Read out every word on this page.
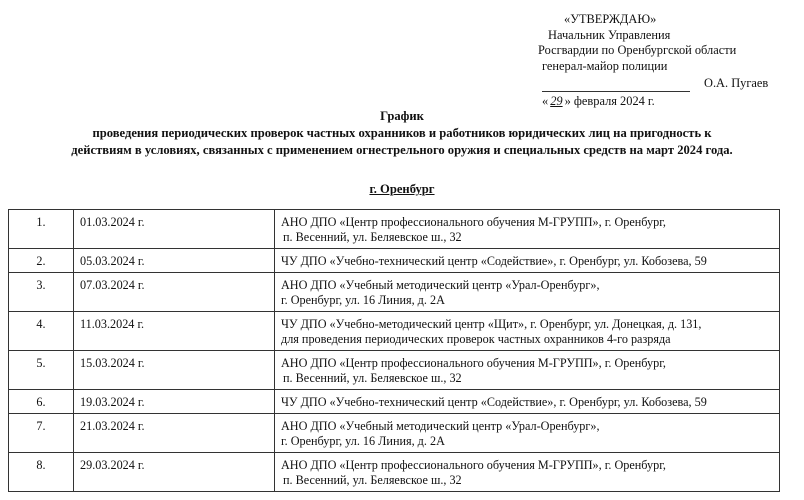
«УТВЕРЖДАЮ»
Начальник Управления
Росгвардии по Оренбургской области
генерал-майор полиции
О.А. Пугаев
« 29 » февраля 2024 г.
График
проведения периодических проверок частных охранников и работников юридических лиц на пригодность к
действиям в условиях, связанных с применением огнестрельного оружия и специальных средств на март 2024 года.
г. Оренбург
1.	01.03.2024 г.	АНО ДПО «Центр профессионального обучения М-ГРУПП», г. Оренбург,
п. Весенний, ул. Беляевское ш., 32

2.	05.03.2024 г.	ЧУ ДПО «Учебно-технический центр «Содействие», г. Оренбург, ул. Кобозева, 59

3.	07.03.2024 г.	АНО ДПО «Учебный методический центр «Урал-Оренбург»,
г. Оренбург, ул. 16 Линия, д. 2А

4.	11.03.2024 г.	ЧУ ДПО «Учебно-методический центр «Щит», г. Оренбург, ул. Донецкая, д. 131,
для проведения периодических проверок частных охранников 4-го разряда

5.	15.03.2024 г.	АНО ДПО «Центр профессионального обучения М-ГРУПП», г. Оренбург,
п. Весенний, ул. Беляевское ш., 32

6.	19.03.2024 г.	ЧУ ДПО «Учебно-технический центр «Содействие», г. Оренбург, ул. Кобозева, 59

7.	21.03.2024 г.	АНО ДПО «Учебный методический центр «Урал-Оренбург»,
г. Оренбург, ул. 16 Линия, д. 2А

8.	29.03.2024 г.	АНО ДПО «Центр профессионального обучения М-ГРУПП», г. Оренбург,
п. Весенний, ул. Беляевское ш., 32
